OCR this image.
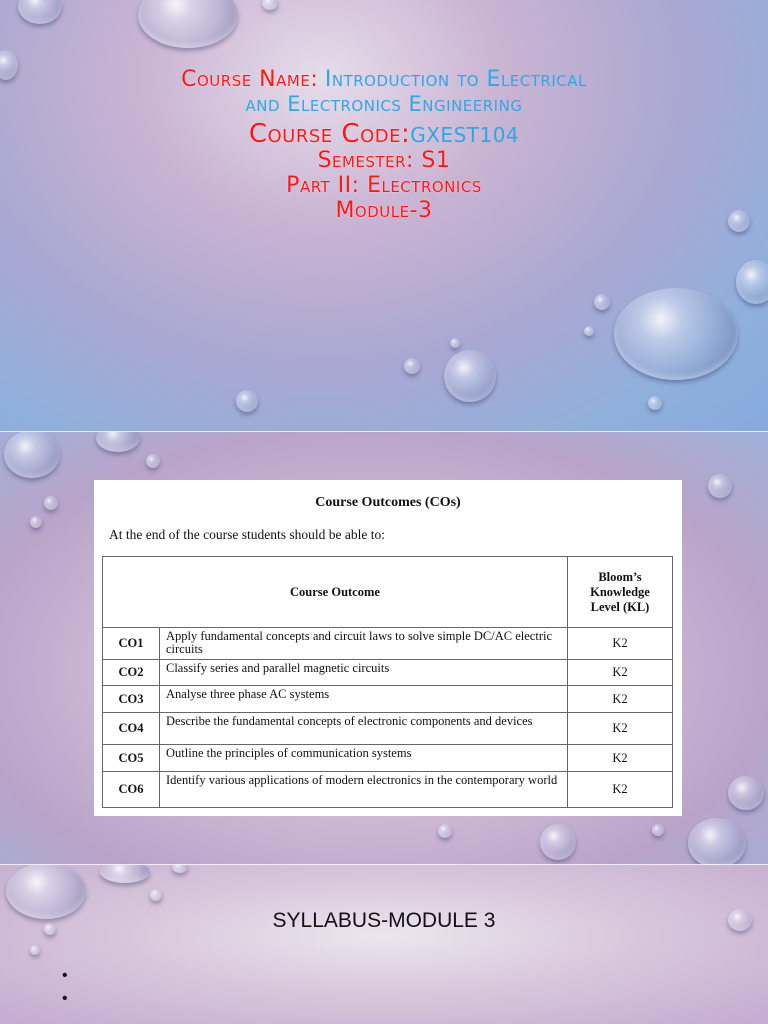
Course Name: Introduction to Electrical
and Electronics Engineering
Course Code:GXEST104
Semester: S1
Part II: Electronics
Module-3
Course Outcomes (COs)
At the end of the course students should be able to:
Course Outcome		Bloom’s
Knowledge
Level (KL)
CO1	Apply fundamental concepts and circuit laws to solve simple DC/AC electric circuits	K2
CO2	Classify series and parallel magnetic circuits	K2
CO3	Analyse three phase AC systems	K2
CO4	Describe the fundamental concepts of electronic components and devices	K2
CO5	Outline the principles of communication systems	K2
CO6	Identify various applications of modern electronics in the contemporary world	K2
SYLLABUS-MODULE 3
•
•
